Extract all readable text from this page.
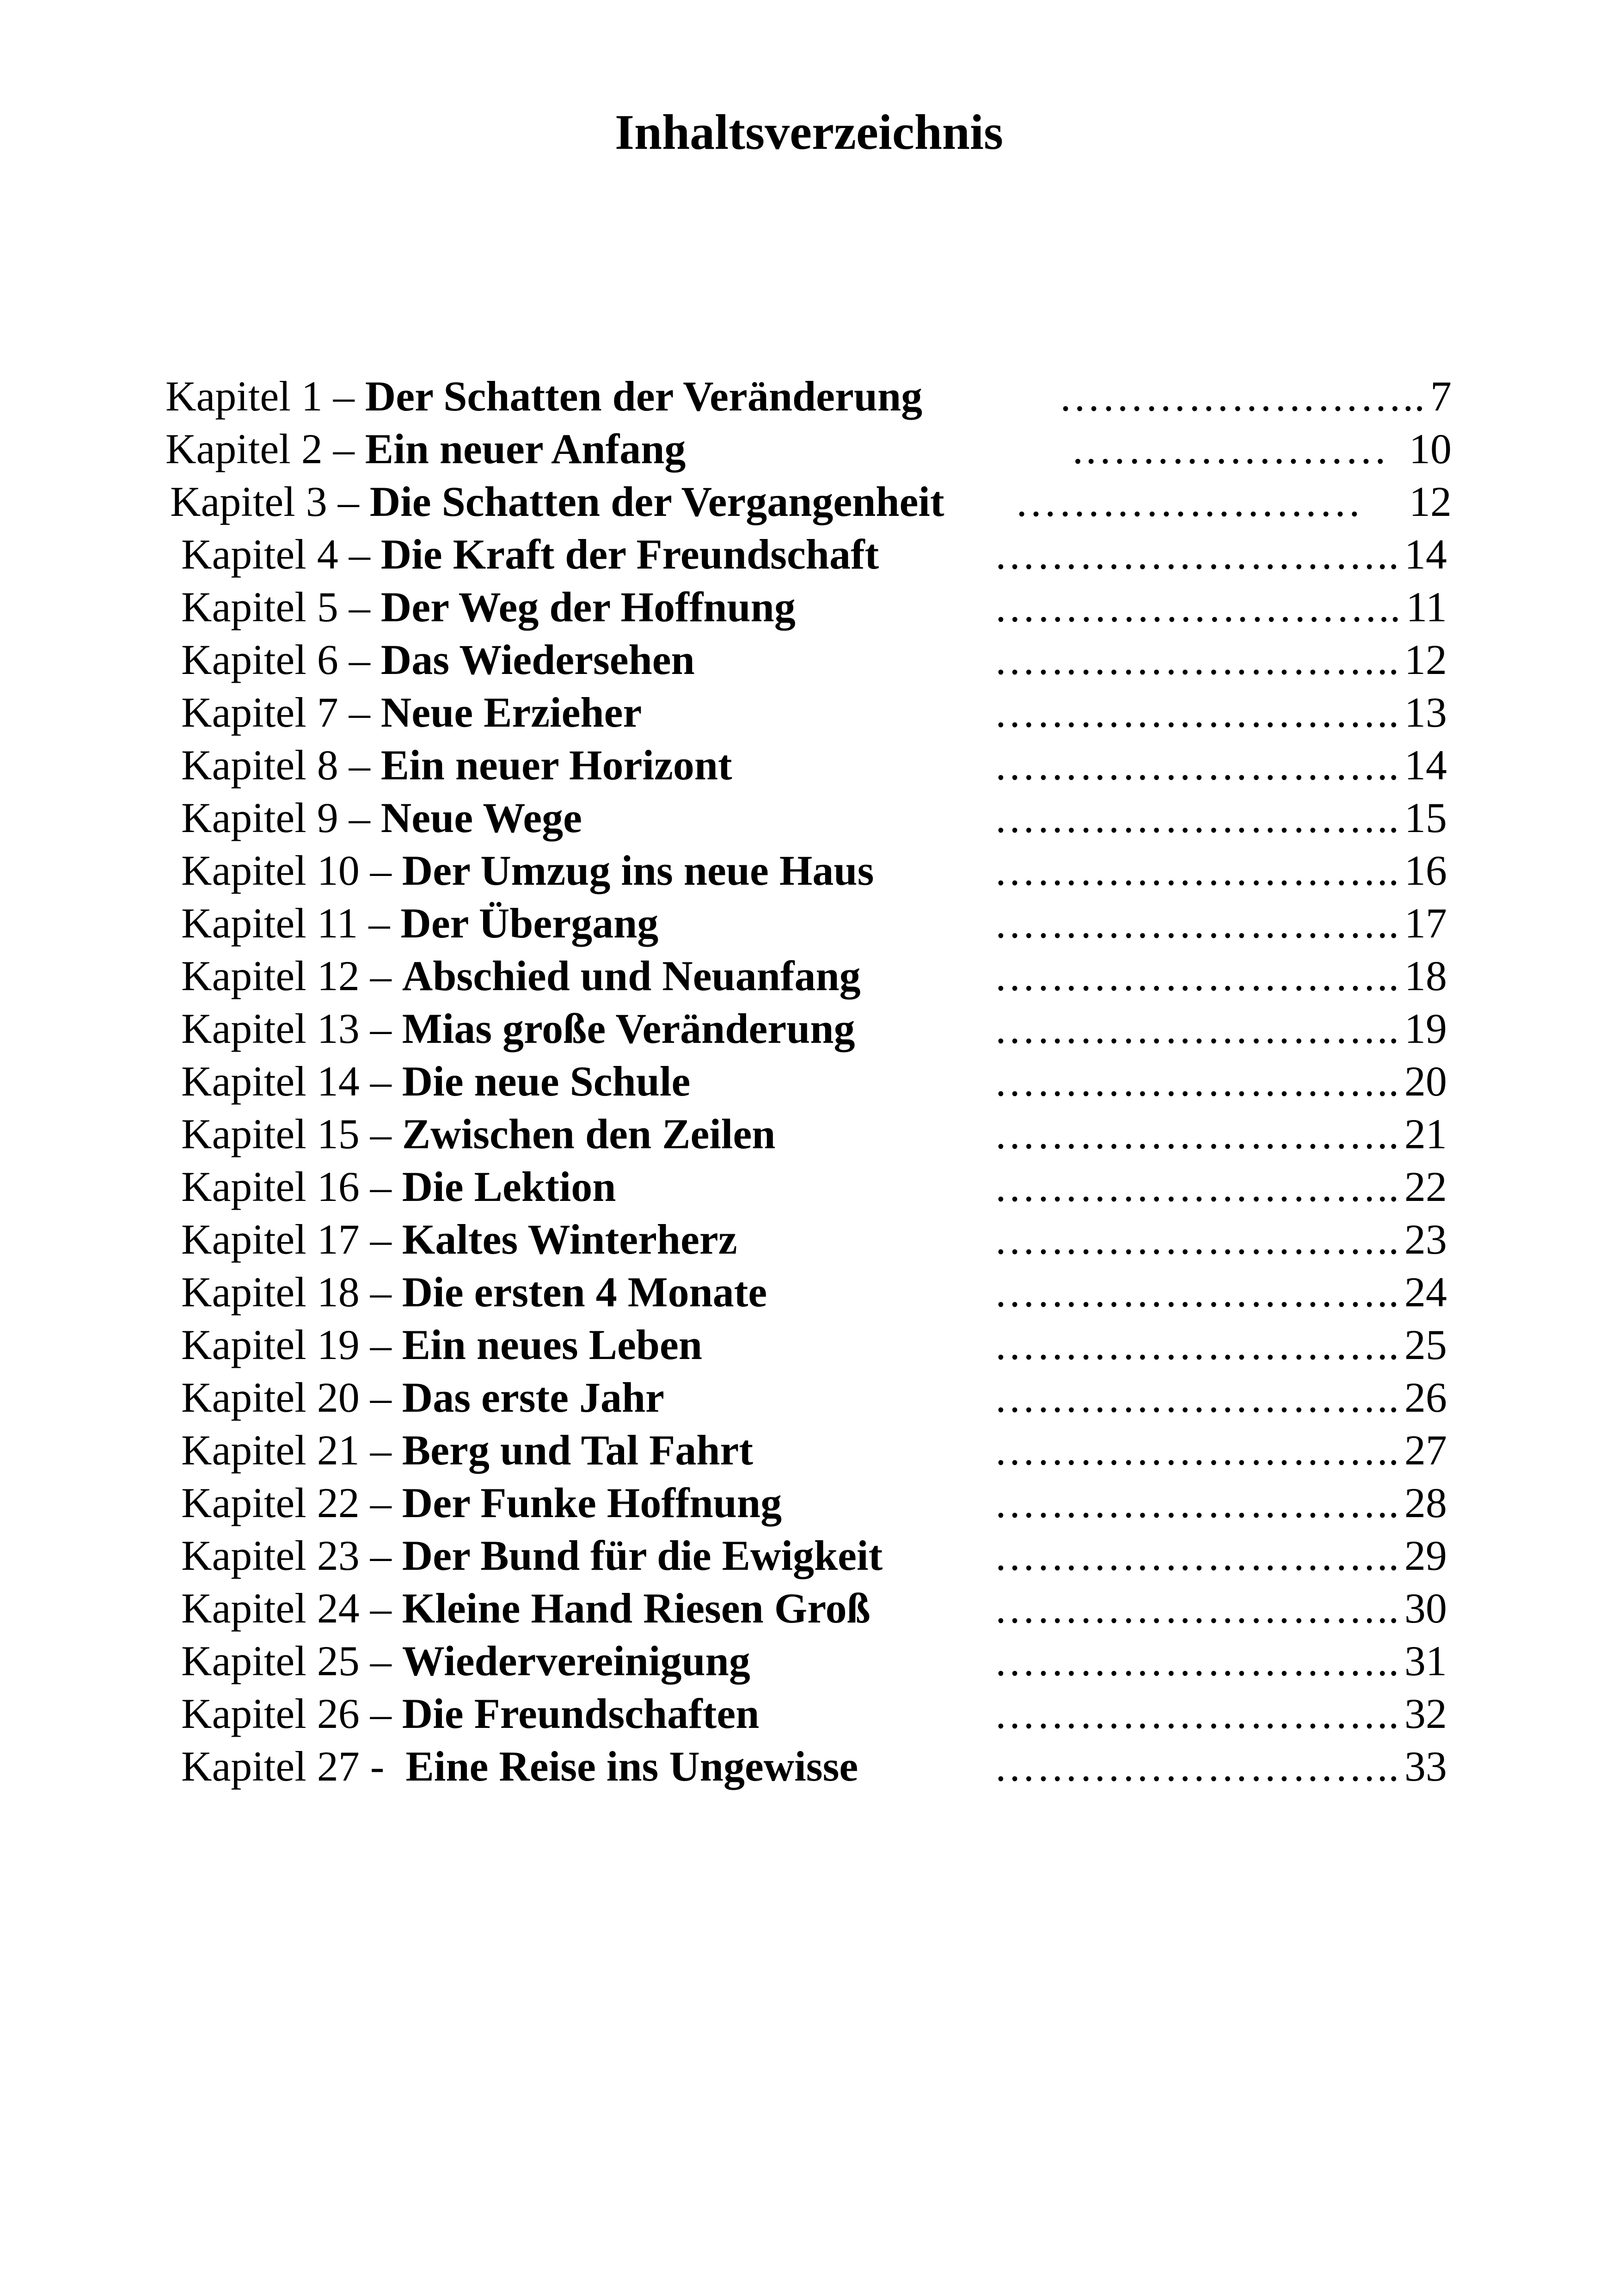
Inhaltsverzeichnis
Kapitel 1 – Der Schatten der Veränderung	…………………….. 7
Kapitel 2 – Ein neuer Anfang	.………………… 10
Kapitel 3 – Die Schatten der Vergangenheit …………………… 12
Kapitel 4 – Die Kraft der Freundschaft	……………………….. 14
Kapitel 5 – Der Weg der Hoffnung	……………………….. 11
Kapitel 6 – Das Wiedersehen	……………………….. 12
Kapitel 7 – Neue Erzieher	……………………….. 13
Kapitel 8 – Ein neuer Horizont	……………………….. 14
Kapitel 9 – Neue Wege	……………………….. 15
Kapitel 10 – Der Umzug ins neue Haus	……………………….. 16
Kapitel 11 – Der Übergang	……………………….. 17
Kapitel 12 – Abschied und Neuanfang	……………………….. 18
Kapitel 13 – Mias große Veränderung	……………………….. 19
Kapitel 14 – Die neue Schule	……………………….. 20
Kapitel 15 – Zwischen den Zeilen	……………………….. 21
Kapitel 16 – Die Lektion	……………………….. 22
Kapitel 17 – Kaltes Winterherz	……………………….. 23
Kapitel 18 – Die ersten 4 Monate	……………………….. 24
Kapitel 19 – Ein neues Leben	……………………….. 25
Kapitel 20 – Das erste Jahr	……………………….. 26
Kapitel 21 – Berg und Tal Fahrt	……………………….. 27
Kapitel 22 – Der Funke Hoffnung	……………………….. 28
Kapitel 23 – Der Bund für die Ewigkeit	……………………….. 29
Kapitel 24 – Kleine Hand Riesen Groß	……………………….. 30
Kapitel 25 – Wiedervereinigung	……………………….. 31
Kapitel 26 – Die Freundschaften	……………………….. 32
Kapitel 27 - Eine Reise ins Ungewisse	……………………….. 33
